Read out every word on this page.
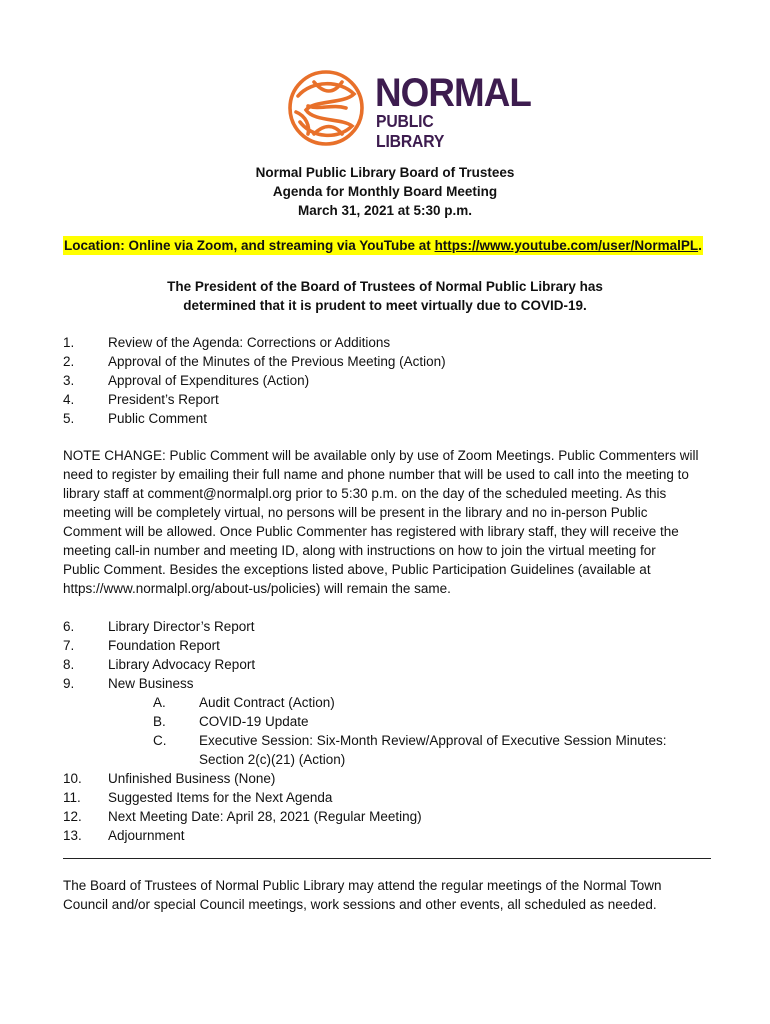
NORMAL
PUBLIC LIBRARY
Normal Public Library Board of Trustees
Agenda for Monthly Board Meeting
March 31, 2021 at 5:30 p.m.
Location: Online via Zoom, and streaming via YouTube at https://www.youtube.com/user/NormalPL.
The President of the Board of Trustees of Normal Public Library has
determined that it is prudent to meet virtually due to COVID-19.
1.	Review of the Agenda: Corrections or Additions
2.	Approval of the Minutes of the Previous Meeting (Action)
3.	Approval of Expenditures (Action)
4.	President’s Report
5.	Public Comment
NOTE CHANGE: Public Comment will be available only by use of Zoom Meetings. Public Commenters will
need to register by emailing their full name and phone number that will be used to call into the meeting to
library staff at comment@normalpl.org prior to 5:30 p.m. on the day of the scheduled meeting. As this
meeting will be completely virtual, no persons will be present in the library and no in-person Public
Comment will be allowed. Once Public Commenter has registered with library staff, they will receive the
meeting call-in number and meeting ID, along with instructions on how to join the virtual meeting for
Public Comment. Besides the exceptions listed above, Public Participation Guidelines (available at
https://www.normalpl.org/about-us/policies) will remain the same.
6.	Library Director’s Report
7.	Foundation Report
8.	Library Advocacy Report
9.	New Business
A.	Audit Contract (Action)
B.	COVID-19 Update
C.	Executive Session: Six-Month Review/Approval of Executive Session Minutes:
Section 2(c)(21) (Action)
10.	Unfinished Business (None)
11.	Suggested Items for the Next Agenda
12.	Next Meeting Date: April 28, 2021 (Regular Meeting)
13.	Adjournment
The Board of Trustees of Normal Public Library may attend the regular meetings of the Normal Town
Council and/or special Council meetings, work sessions and other events, all scheduled as needed.
